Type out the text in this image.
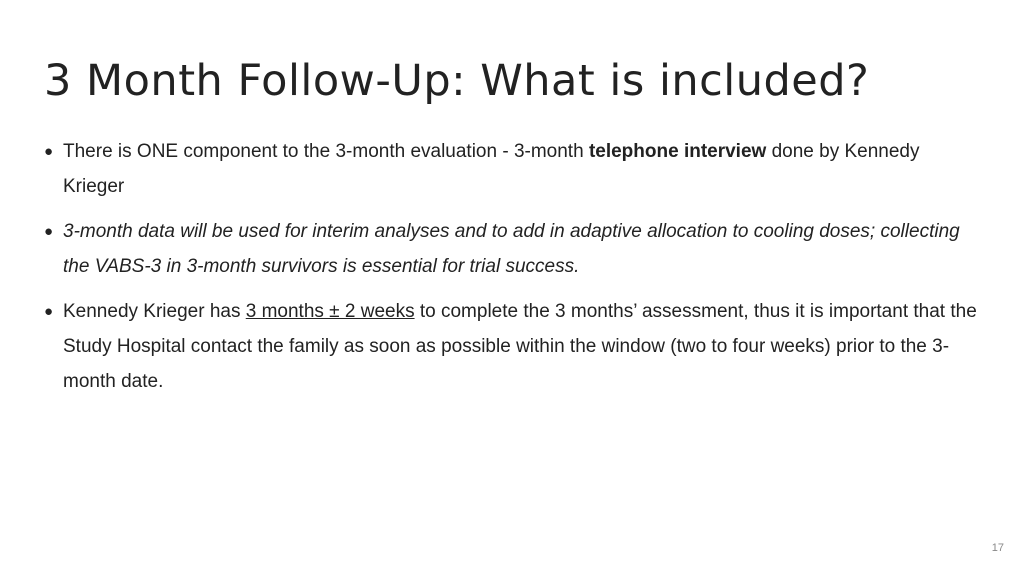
3 Month Follow-Up: What is included?
● There is ONE component to the 3-month evaluation - 3-month telephone interview done by Kennedy Krieger
● 3-month data will be used for interim analyses and to add in adaptive allocation to cooling doses; collecting the VABS-3 in 3-month survivors is essential for trial success.
● Kennedy Krieger has 3 months ± 2 weeks to complete the 3 months’ assessment, thus it is important that the Study Hospital contact the family as soon as possible within the window (two to four weeks) prior to the 3-month date.
17
